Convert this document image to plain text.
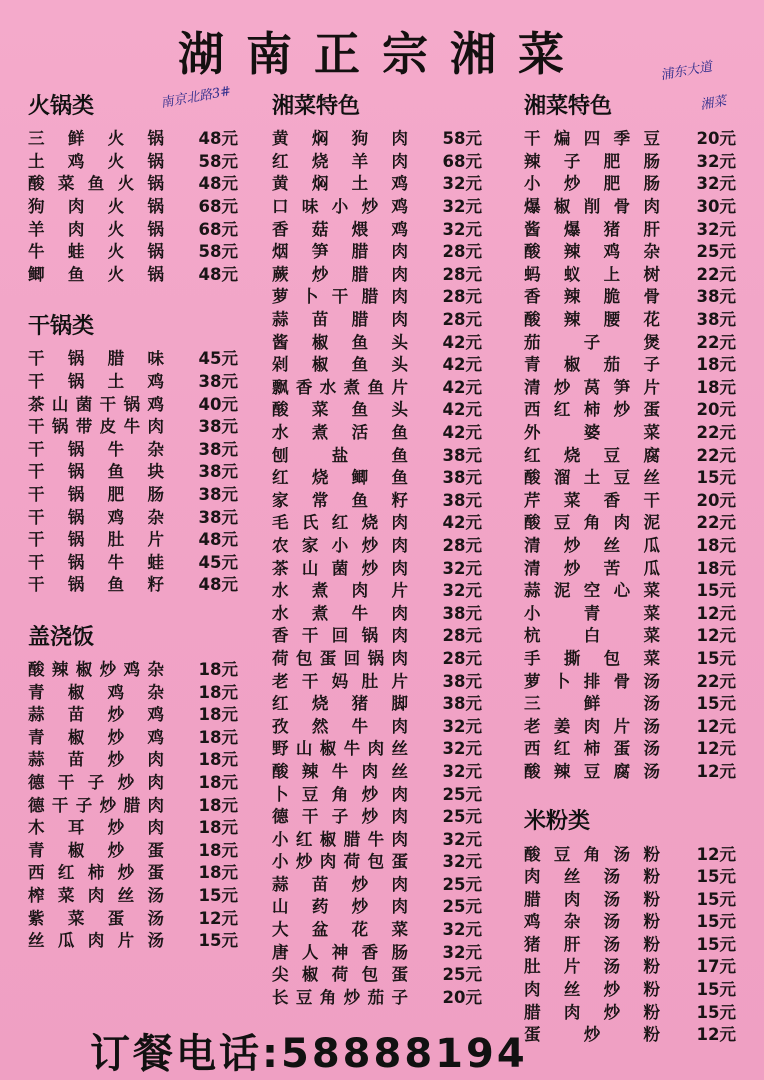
湖南正宗湘菜
南京北路3#
浦东大道
湘菜
火锅类
三 鲜 火 锅 48元
土 鸡 火 锅 58元
酸 菜 鱼 火 锅 48元
狗 肉 火 锅 68元
羊 肉 火 锅 68元
牛 蛙 火 锅 58元
鲫 鱼 火 锅 48元
干锅类
干 锅 腊 味 45元
干 锅 土 鸡 38元
茶 山 菌 干 锅 鸡 40元
干 锅 带 皮 牛 肉 38元
干 锅 牛 杂 38元
干 锅 鱼 块 38元
干 锅 肥 肠 38元
干 锅 鸡 杂 38元
干 锅 肚 片 48元
干 锅 牛 蛙 45元
干 锅 鱼 籽 48元
盖浇饭
酸 辣 椒 炒 鸡 杂 18元
青 椒 鸡 杂 18元
蒜 苗 炒 鸡 18元
青 椒 炒 鸡 18元
蒜 苗 炒 肉 18元
德 干 子 炒 肉 18元
德 干 子 炒 腊 肉 18元
木 耳 炒 肉 18元
青 椒 炒 蛋 18元
西 红 柿 炒 蛋 18元
榨 菜 肉 丝 汤 15元
紫 菜 蛋 汤 12元
丝 瓜 肉 片 汤 15元
湘菜特色
黄 焖 狗 肉 58元
红 烧 羊 肉 68元
黄 焖 土 鸡 32元
口 味 小 炒 鸡 32元
香 菇 煨 鸡 32元
烟 笋 腊 肉 28元
蕨 炒 腊 肉 28元
萝 卜 干 腊 肉 28元
蒜 苗 腊 肉 28元
酱 椒 鱼 头 42元
剁 椒 鱼 头 42元
飘 香 水 煮 鱼 片 42元
酸 菜 鱼 头 42元
水 煮 活 鱼 42元
刨	盐	鱼 38元
红 烧 鲫 鱼 38元
家 常 鱼 籽 38元
毛 氏 红 烧 肉 42元
农 家 小 炒 肉 28元
茶 山 菌 炒 肉 32元
水 煮 肉 片 32元
水 煮 牛 肉 38元
香 干 回 锅 肉 28元
荷 包 蛋 回 锅 肉 28元
老 干 妈 肚 片 38元
红 烧 猪 脚 38元
孜 然 牛 肉 32元
野 山 椒 牛 肉 丝 32元
酸 辣 牛 肉 丝 32元
卜 豆 角 炒 肉 25元
德 干 子 炒 肉 25元
小 红 椒 腊 牛 肉 32元
小 炒 肉 荷 包 蛋 32元
蒜 苗 炒 肉 25元
山 药 炒 肉 25元
大 盆 花 菜 32元
唐 人 神 香 肠 32元
尖 椒 荷 包 蛋 25元
长 豆 角 炒 茄 子 20元
湘菜特色
干 煸 四 季 豆 20元
辣 子 肥 肠 32元
小 炒 肥 肠 32元
爆 椒 削 骨 肉 30元
酱 爆 猪 肝 32元
酸 辣 鸡 杂 25元
蚂 蚁 上 树 22元
香 辣 脆 骨 38元
酸 辣 腰 花 38元
茄	子	煲 22元
青 椒 茄 子 18元
清 炒 莴 笋 片 18元
西 红 柿 炒 蛋 20元
外	婆	菜 22元
红 烧 豆 腐 22元
酸 溜 土 豆 丝 15元
芹 菜 香 干 20元
酸 豆 角 肉 泥 22元
清 炒 丝 瓜 18元
清 炒 苦 瓜 18元
蒜 泥 空 心 菜 15元
小	青	菜 12元
杭	白	菜 12元
手 撕 包 菜 15元
萝 卜 排 骨 汤 22元
三	鲜	汤 15元
老 姜 肉 片 汤 12元
西 红 柿 蛋 汤 12元
酸 辣 豆 腐 汤 12元
米粉类
酸 豆 角 汤 粉 12元
肉 丝 汤 粉 15元
腊 肉 汤 粉 15元
鸡 杂 汤 粉 15元
猪 肝 汤 粉 15元
肚 片 汤 粉 17元
肉 丝 炒 粉 15元
腊 肉 炒 粉 15元
蛋	炒	粉 12元
订餐电话:58888194
